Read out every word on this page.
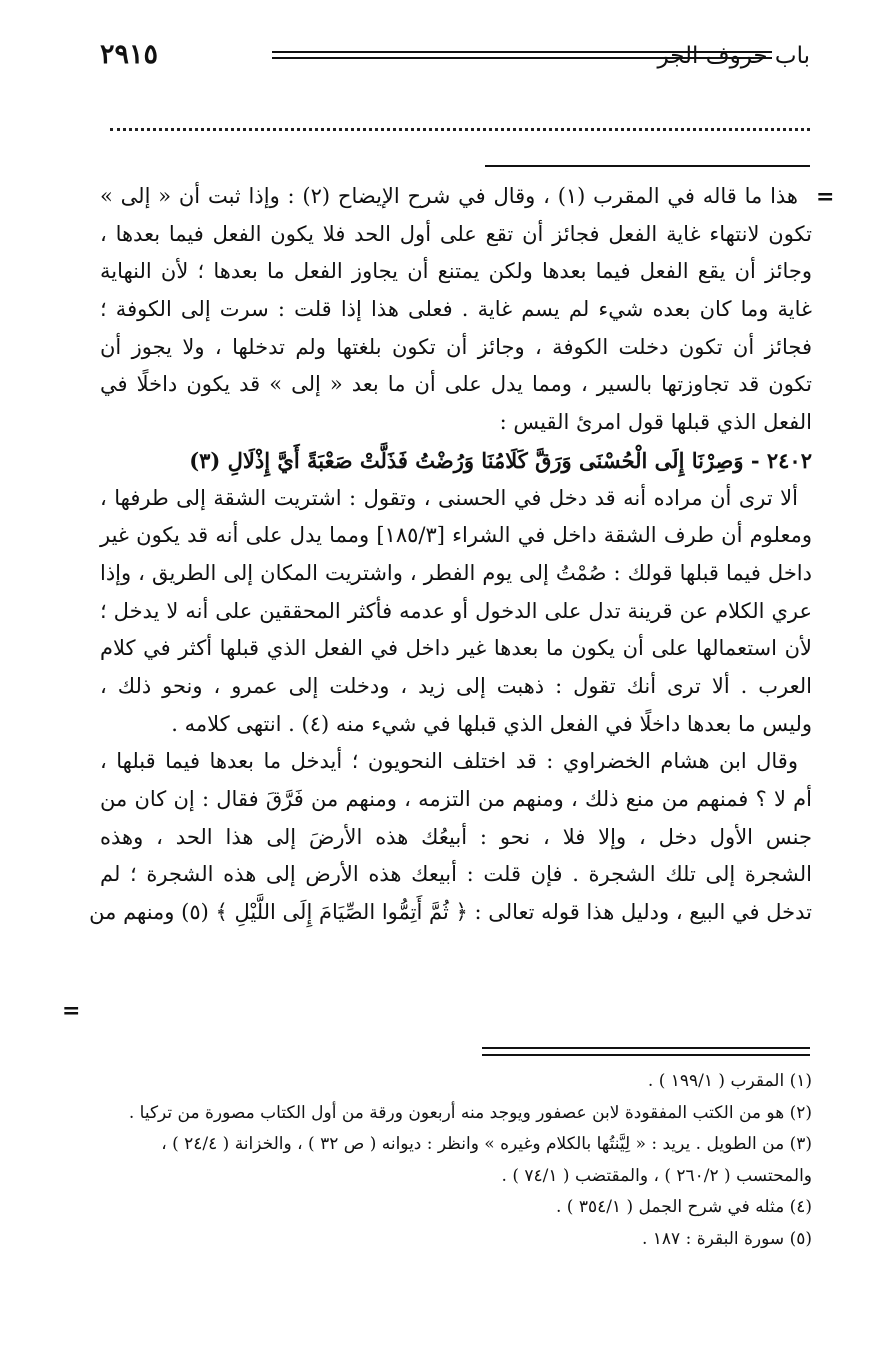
٢٩١٥	باب حروف الجر
=
=
هذا ما قاله في المقرب (١) ، وقال في شرح الإيضاح (٢) : وإذا ثبت أن « إلى »
تكون لانتهاء غاية الفعل فجائز أن تقع على أول الحد فلا يكون الفعل فيما بعدها ،
وجائز أن يقع الفعل فيما بعدها ولكن يمتنع أن يجاوز الفعل ما بعدها ؛ لأن النهاية
غاية وما كان بعده شيء لم يسم غاية . فعلى هذا إذا قلت : سرت إلى الكوفة ؛
فجائز أن تكون دخلت الكوفة ، وجائز أن تكون بلغتها ولم تدخلها ، ولا يجوز أن
تكون قد تجاوزتها بالسير ، ومما يدل على أن ما بعد « إلى » قد يكون داخلًا في
الفعل الذي قبلها قول امرئ القيس :
٢٤٠٢ - وَصِرْنَا إِلَى الْحُسْنَى وَرَقَّ كَلَامُنَا وَرُضْتُ فَذَلَّتْ صَعْبَةً أَيَّ إِذْلَالِ (٣)
ألا ترى أن مراده أنه قد دخل في الحسنى ، وتقول : اشتريت الشقة إلى طرفها ،
ومعلوم أن طرف الشقة داخل في الشراء [١٨٥/٣] ومما يدل على أنه قد يكون غير
داخل فيما قبلها قولك : صُمْتُ إلى يوم الفطر ، واشتريت المكان إلى الطريق ، وإذا
عري الكلام عن قرينة تدل على الدخول أو عدمه فأكثر المحققين على أنه لا يدخل ؛
لأن استعمالها على أن يكون ما بعدها غير داخل في الفعل الذي قبلها أكثر في كلام
العرب . ألا ترى أنك تقول : ذهبت إلى زيد ، ودخلت إلى عمرو ، ونحو ذلك ،
وليس ما بعدها داخلًا في الفعل الذي قبلها في شيء منه (٤) . انتهى كلامه .
وقال ابن هشام الخضراوي : قد اختلف النحويون ؛ أيدخل ما بعدها فيما قبلها ،
أم لا ؟ فمنهم من منع ذلك ، ومنهم من التزمه ، ومنهم من فَرَّقَ فقال : إن كان من
جنس الأول دخل ، وإلا فلا ، نحو : أبيعُك هذه الأرضَ إلى هذا الحد ، وهذه
الشجرة إلى تلك الشجرة . فإن قلت : أبيعك هذه الأرض إلى هذه الشجرة ؛ لم
تدخل في البيع ، ودليل هذا قوله تعالى : ﴿ ثُمَّ أَتِمُّوا الصِّيَامَ إِلَى اللَّيْلِ ﴾ (٥) ومنهم من
(١) المقرب ( ١٩٩/١ ) .
(٢) هو من الكتب المفقودة لابن عصفور ويوجد منه أربعون ورقة من أول الكتاب مصورة من تركيا .
(٣) من الطويل . يريد : « لِيَّنتُها بالكلام وغيره » وانظر : ديوانه ( ص ٣٢ ) ، والخزانة ( ٢٤/٤ ) ،
والمحتسب ( ٢٦٠/٢ ) ، والمقتضب ( ٧٤/١ ) .
(٤) مثله في شرح الجمل ( ٣٥٤/١ ) .
(٥) سورة البقرة : ١٨٧ .
